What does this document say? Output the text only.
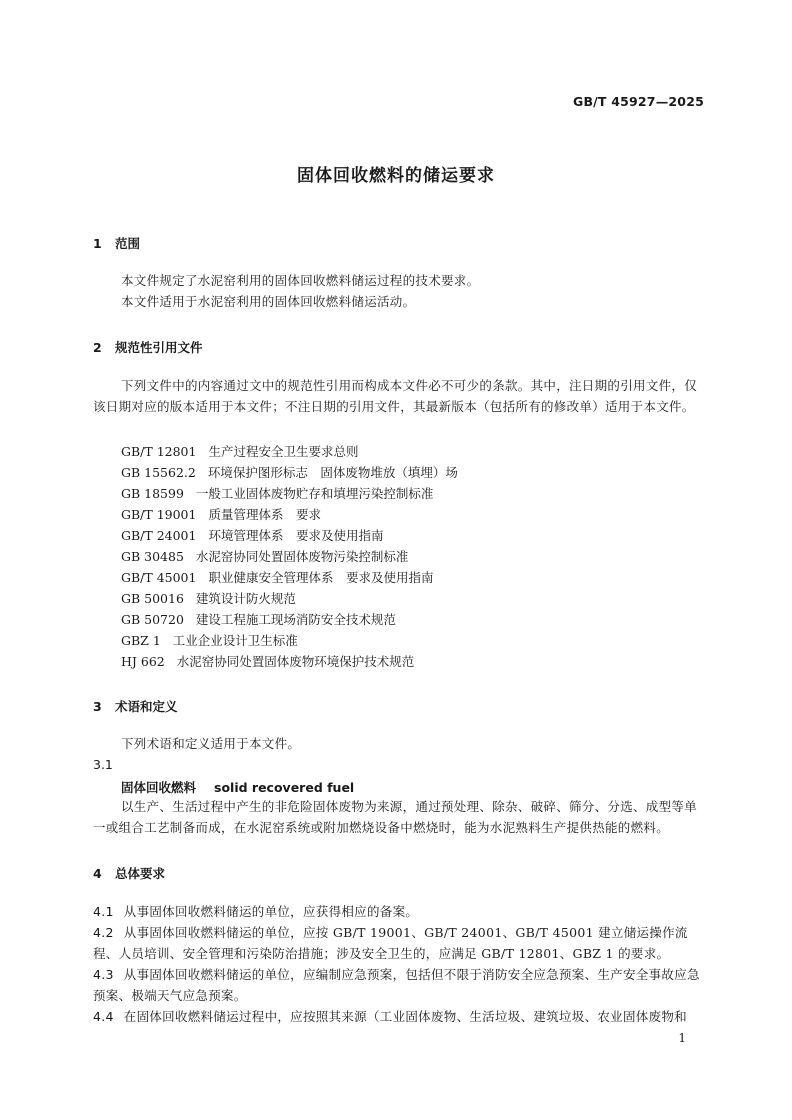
GB/T 45927—2025
固体回收燃料的储运要求
1 范围
本文件规定了水泥窑利用的固体回收燃料储运过程的技术要求。
本文件适用于水泥窑利用的固体回收燃料储运活动。
2 规范性引用文件
下列文件中的内容通过文中的规范性引用而构成本文件必不可少的条款。其中，注日期的引用文件，仅该日期对应的版本适用于本文件；不注日期的引用文件，其最新版本（包括所有的修改单）适用于本文件。
GB/T 12801 生产过程安全卫生要求总则
GB 15562.2 环境保护图形标志　固体废物堆放（填埋）场
GB 18599 一般工业固体废物贮存和填埋污染控制标准
GB/T 19001 质量管理体系　要求
GB/T 24001 环境管理体系　要求及使用指南
GB 30485 水泥窑协同处置固体废物污染控制标准
GB/T 45001 职业健康安全管理体系　要求及使用指南
GB 50016 建筑设计防火规范
GB 50720 建设工程施工现场消防安全技术规范
GBZ 1 工业企业设计卫生标准
HJ 662 水泥窑协同处置固体废物环境保护技术规范
3 术语和定义
下列术语和定义适用于本文件。
3.1
固体回收燃料 solid recovered fuel
以生产、生活过程中产生的非危险固体废物为来源，通过预处理、除杂、破碎、筛分、分选、成型等单一或组合工艺制备而成，在水泥窑系统或附加燃烧设备中燃烧时，能为水泥熟料生产提供热能的燃料。
4 总体要求
4.1 从事固体回收燃料储运的单位，应获得相应的备案。
4.2 从事固体回收燃料储运的单位，应按 GB/T 19001、GB/T 24001、GB/T 45001 建立储运操作流程、人员培训、安全管理和污染防治措施；涉及安全卫生的，应满足 GB/T 12801、GBZ 1 的要求。
4.3 从事固体回收燃料储运的单位，应编制应急预案，包括但不限于消防安全应急预案、生产安全事故应急预案、极端天气应急预案。
4.4 在固体回收燃料储运过程中，应按照其来源（工业固体废物、生活垃圾、建筑垃圾、农业固体废物和
1
